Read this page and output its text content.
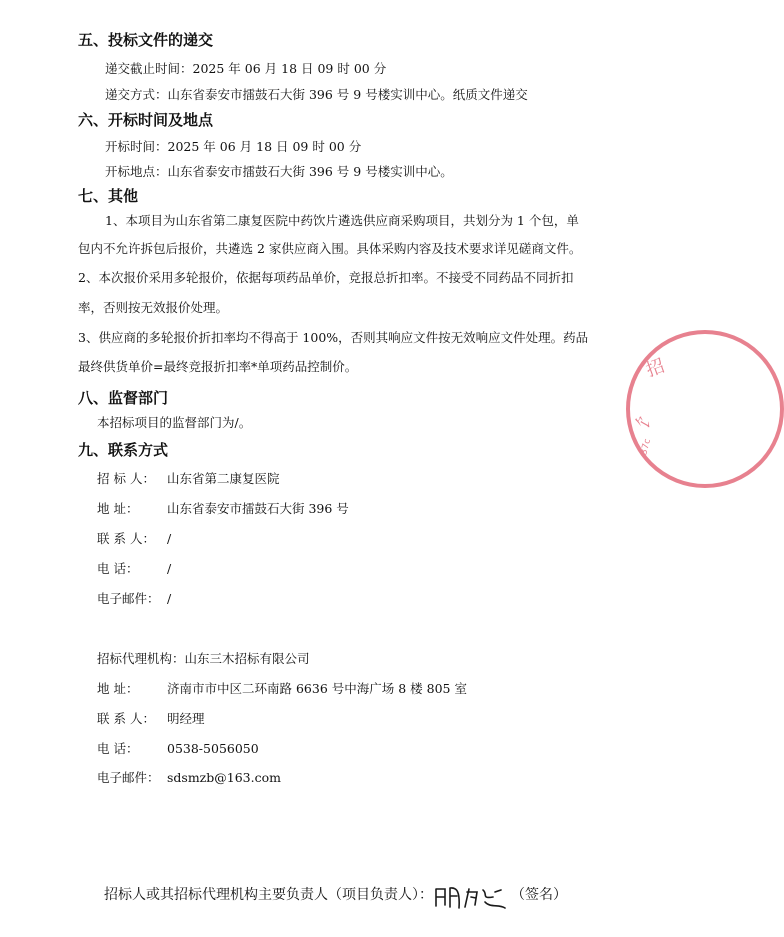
五、投标文件的递交
递交截止时间：2025 年 06 月 18 日 09 时 00 分
递交方式：山东省泰安市擂鼓石大街 396 号 9 号楼实训中心。纸质文件递交
六、开标时间及地点
开标时间：2025 年 06 月 18 日 09 时 00 分
开标地点：山东省泰安市擂鼓石大街 396 号 9 号楼实训中心。
七、其他
1、本项目为山东省第二康复医院中药饮片遴选供应商采购项目，共划分为 1 个包，单
包内不允许拆包后报价，共遴选 2 家供应商入围。具体采购内容及技术要求详见磋商文件。
2、本次报价采用多轮报价，依据每项药品单价，竞报总折扣率。不接受不同药品不同折扣
率，否则按无效报价处理。
3、供应商的多轮报价折扣率均不得高于 100%，否则其响应文件按无效响应文件处理。药品
最终供货单价=最终竞报折扣率*单项药品控制价。
八、监督部门
本招标项目的监督部门为/。
九、联系方式
招 标 人： 山东省第二康复医院
地 址： 山东省泰安市擂鼓石大街 396 号
联 系 人： /
电 话： /
电子邮件： /
招标代理机构：山东三木招标有限公司
地 址： 济南市市中区二环南路 6636 号中海广场 8 楼 805 室
联 系 人： 明经理
电 话： 0538-5056050
电子邮件： sdsmzb@163.com
招标人或其招标代理机构主要负责人（项目负责人）：	（签名）
招
饣
37c
